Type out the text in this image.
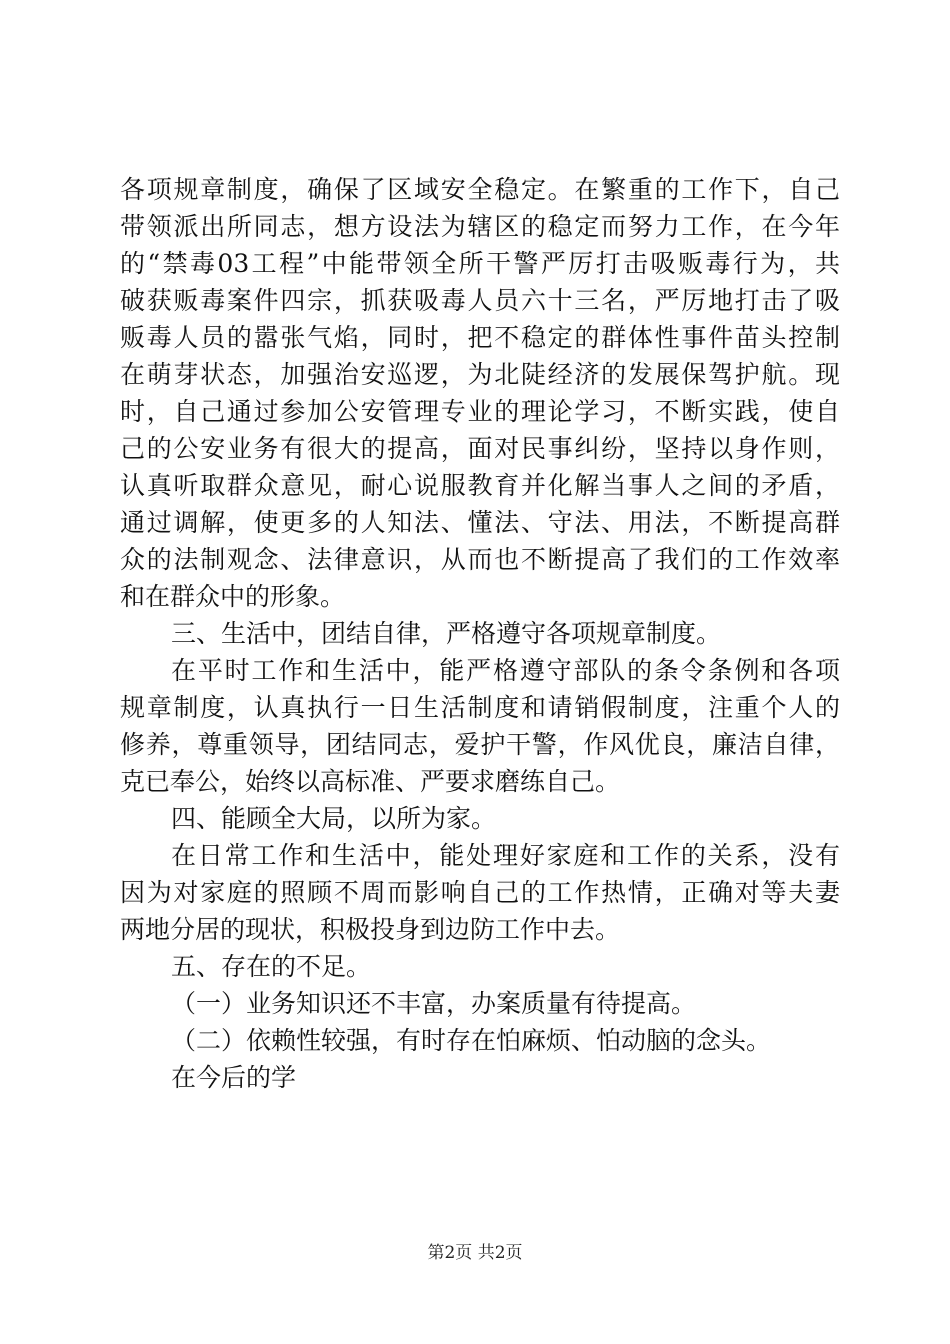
各项规章制度，确保了区域安全稳定。在繁重的工作下，自己
带领派出所同志，想方设法为辖区的稳定而努力工作，在今年
的“禁毒03工程”中能带领全所干警严厉打击吸贩毒行为，共
破获贩毒案件四宗，抓获吸毒人员六十三名，严厉地打击了吸
贩毒人员的嚣张气焰，同时，把不稳定的群体性事件苗头控制
在萌芽状态，加强治安巡逻，为北陡经济的发展保驾护航。现
时，自己通过参加公安管理专业的理论学习，不断实践，使自
己的公安业务有很大的提高，面对民事纠纷，坚持以身作则，
认真听取群众意见，耐心说服教育并化解当事人之间的矛盾，
通过调解，使更多的人知法、懂法、守法、用法，不断提高群
众的法制观念、法律意识，从而也不断提高了我们的工作效率
和在群众中的形象。
三、生活中，团结自律，严格遵守各项规章制度。
在平时工作和生活中，能严格遵守部队的条令条例和各项
规章制度，认真执行一日生活制度和请销假制度，注重个人的
修养，尊重领导，团结同志，爱护干警，作风优良，廉洁自律，
克已奉公，始终以高标准、严要求磨练自己。
四、能顾全大局，以所为家。
在日常工作和生活中，能处理好家庭和工作的关系，没有
因为对家庭的照顾不周而影响自己的工作热情，正确对等夫妻
两地分居的现状，积极投身到边防工作中去。
五、存在的不足。
（一）业务知识还不丰富，办案质量有待提高。
（二）依赖性较强，有时存在怕麻烦、怕动脑的念头。
在今后的学
第2页 共2页
